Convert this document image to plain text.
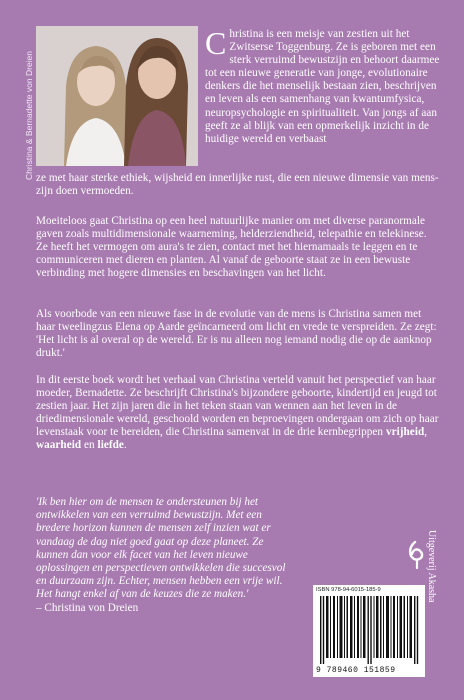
Christina & Bernadette von Dreien
Christina is een meisje van zestien uit het Zwitserse Toggenburg. Ze is geboren met een sterk verruimd bewustzijn en behoort daarmee tot een nieuwe generatie van jonge, evolutionaire denkers die het menselijk bestaan zien, beschrijven en leven als een samenhang van kwantumfysica, neuropsychologie en spiritualiteit. Van jongs af aan geeft ze al blijk van een opmerkelijk inzicht in de huidige wereld en verbaast
ze met haar sterke ethiek, wijsheid en innerlijke rust, die een nieuwe dimensie van mens-zijn doen vermoeden.
Moeiteloos gaat Christina op een heel natuurlijke manier om met diverse paranormale gaven zoals multidimensionale waarneming, helderziendheid, telepathie en telekinese. Ze heeft het vermogen om aura's te zien, contact met het hiernamaals te leggen en te communiceren met dieren en planten. Al vanaf de geboorte staat ze in een bewuste verbinding met hogere dimensies en beschavingen van het licht.
Als voorbode van een nieuwe fase in de evolutie van de mens is Christina samen met haar tweelingzus Elena op Aarde geïncarneerd om licht en vrede te verspreiden. Ze zegt: 'Het licht is al overal op de wereld. Er is nu alleen nog iemand nodig die op de aanknop drukt.'
In dit eerste boek wordt het verhaal van Christina verteld vanuit het perspectief van haar moeder, Bernadette. Ze beschrijft Christina's bijzondere geboorte, kindertijd en jeugd tot zestien jaar. Het zijn jaren die in het teken staan van wennen aan het leven in de driedimensionale wereld, geschoold worden en beproevingen ondergaan om zich op haar levenstaak voor te bereiden, die Christina samenvat in de drie kernbegrippen vrijheid, waarheid en liefde.
'Ik ben hier om de mensen te ondersteunen bij het ontwikkelen van een verruimd bewustzijn. Met een bredere horizon kunnen de mensen zelf inzien wat er vandaag de dag niet goed gaat op deze planeet. Ze kunnen dan voor elk facet van het leven nieuwe oplossingen en perspectieven ontwikkelen die succesvol en duurzaam zijn. Echter, mensen hebben een vrije wil. Het hangt enkel af van de keuzes die ze maken.'
– Christina von Dreien
ISBN 978-94-6015-185-9
9 789460 151859
Uitgeverij Akasha
